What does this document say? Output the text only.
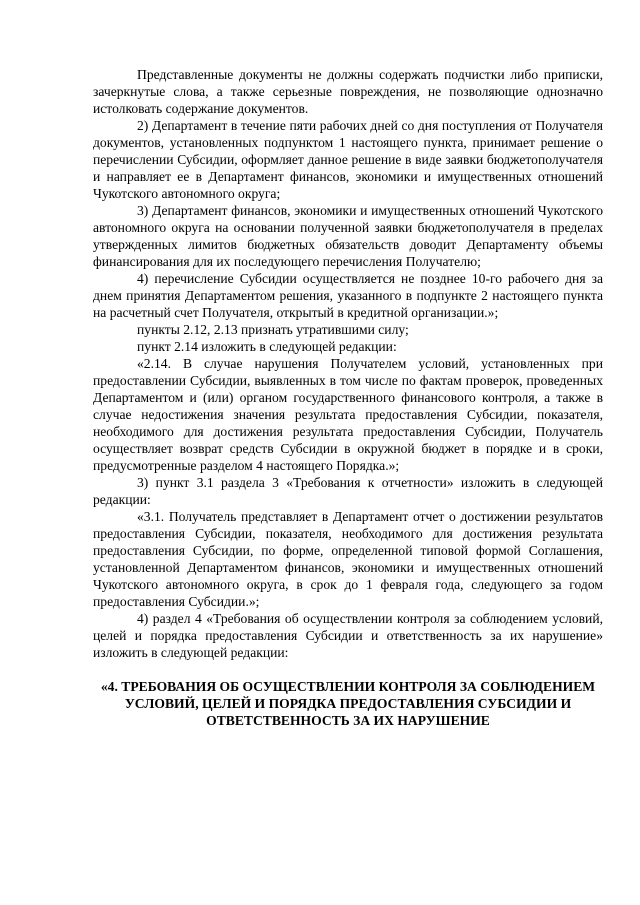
Представленные документы не должны содержать подчистки либо приписки, зачеркнутые слова, а также серьезные повреждения, не позволяющие однозначно истолковать содержание документов.

2) Департамент в течение пяти рабочих дней со дня поступления от Получателя документов, установленных подпунктом 1 настоящего пункта, принимает решение о перечислении Субсидии, оформляет данное решение в виде заявки бюджетополучателя и направляет ее в Департамент финансов, экономики и имущественных отношений Чукотского автономного округа;

3) Департамент финансов, экономики и имущественных отношений Чукотского автономного округа на основании полученной заявки бюджетополучателя в пределах утвержденных лимитов бюджетных обязательств доводит Департаменту объемы финансирования для их последующего перечисления Получателю;

4) перечисление Субсидии осуществляется не позднее 10-го рабочего дня за днем принятия Департаментом решения, указанного в подпункте 2 настоящего пункта на расчетный счет Получателя, открытый в кредитной организации.»;

пункты 2.12, 2.13 признать утратившими силу;

пункт 2.14 изложить в следующей редакции:

«2.14. В случае нарушения Получателем условий, установленных при предоставлении Субсидии, выявленных в том числе по фактам проверок, проведенных Департаментом и (или) органом государственного финансового контроля, а также в случае недостижения значения результата предоставления Субсидии, показателя, необходимого для достижения результата предоставления Субсидии, Получатель осуществляет возврат средств Субсидии в окружной бюджет в порядке и в сроки, предусмотренные разделом 4 настоящего Порядка.»;

3) пункт 3.1 раздела 3 «Требования к отчетности» изложить в следующей редакции:

«3.1. Получатель представляет в Департамент отчет о достижении результатов предоставления Субсидии, показателя, необходимого для достижения результата предоставления Субсидии, по форме, определенной типовой формой Соглашения, установленной Департаментом финансов, экономики и имущественных отношений Чукотского автономного округа, в срок до 1 февраля года, следующего за годом предоставления Субсидии.»;

4) раздел 4 «Требования об осуществлении контроля за соблюдением условий, целей и порядка предоставления Субсидии и ответственность за их нарушение» изложить в следующей редакции:

«4. ТРЕБОВАНИЯ ОБ ОСУЩЕСТВЛЕНИИ КОНТРОЛЯ ЗА СОБЛЮДЕНИЕМ УСЛОВИЙ, ЦЕЛЕЙ И ПОРЯДКА ПРЕДОСТАВЛЕНИЯ СУБСИДИИ И ОТВЕТСТВЕННОСТЬ ЗА ИХ НАРУШЕНИЕ
